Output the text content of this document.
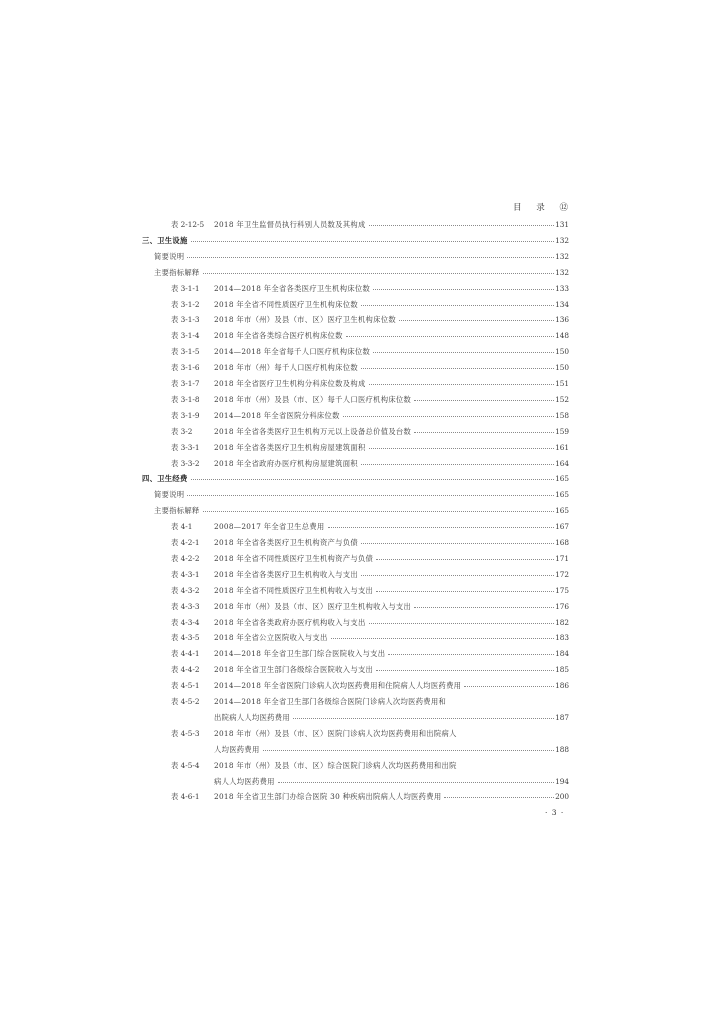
目 录 ⑫
表 2-12-5 2018 年卫生监督员执行科别人员数及其构成	131
三、卫生设施	132
简要说明	132
主要指标解释	132
表 3-1-1 2014—2018 年全省各类医疗卫生机构床位数	133
表 3-1-2 2018 年全省不同性质医疗卫生机构床位数	134
表 3-1-3 2018 年市（州）及县（市、区）医疗卫生机构床位数	136
表 3-1-4 2018 年全省各类综合医疗机构床位数	148
表 3-1-5 2014—2018 年全省每千人口医疗机构床位数	150
表 3-1-6 2018 年市（州）每千人口医疗机构床位数	150
表 3-1-7 2018 年全省医疗卫生机构分科床位数及构成	151
表 3-1-8 2018 年市（州）及县（市、区）每千人口医疗机构床位数	152
表 3-1-9 2014—2018 年全省医院分科床位数	158
表 3-2	2018 年全省各类医疗卫生机构万元以上设备总价值及台数	159
表 3-3-1 2018 年全省各类医疗卫生机构房屋建筑面积	161
表 3-3-2 2018 年全省政府办医疗机构房屋建筑面积	164
四、卫生经费	165
简要说明	165
主要指标解释	165
表 4-1	2008—2017 年全省卫生总费用	167
表 4-2-1 2018 年全省各类医疗卫生机构资产与负债	168
表 4-2-2 2018 年全省不同性质医疗卫生机构资产与负债	171
表 4-3-1 2018 年全省各类医疗卫生机构收入与支出	172
表 4-3-2 2018 年全省不同性质医疗卫生机构收入与支出	175
表 4-3-3 2018 年市（州）及县（市、区）医疗卫生机构收入与支出	176
表 4-3-4 2018 年全省各类政府办医疗机构收入与支出	182
表 4-3-5 2018 年全省公立医院收入与支出	183
表 4-4-1 2014—2018 年全省卫生部门综合医院收入与支出	184
表 4-4-2 2018 年全省卫生部门各级综合医院收入与支出	185
表 4-5-1 2014—2018 年全省医院门诊病人次均医药费用和住院病人人均医药费用	186
表 4-5-2 2014—2018 年全省卫生部门各级综合医院门诊病人次均医药费用和
出院病人人均医药费用	187
表 4-5-3 2018 年市（州）及县（市、区）医院门诊病人次均医药费用和出院病人
人均医药费用	188
表 4-5-4 2018 年市（州）及县（市、区）综合医院门诊病人次均医药费用和出院
病人人均医药费用	194
表 4-6-1 2018 年全省卫生部门办综合医院 30 种疾病出院病人人均医药费用	200
· 3 ·
